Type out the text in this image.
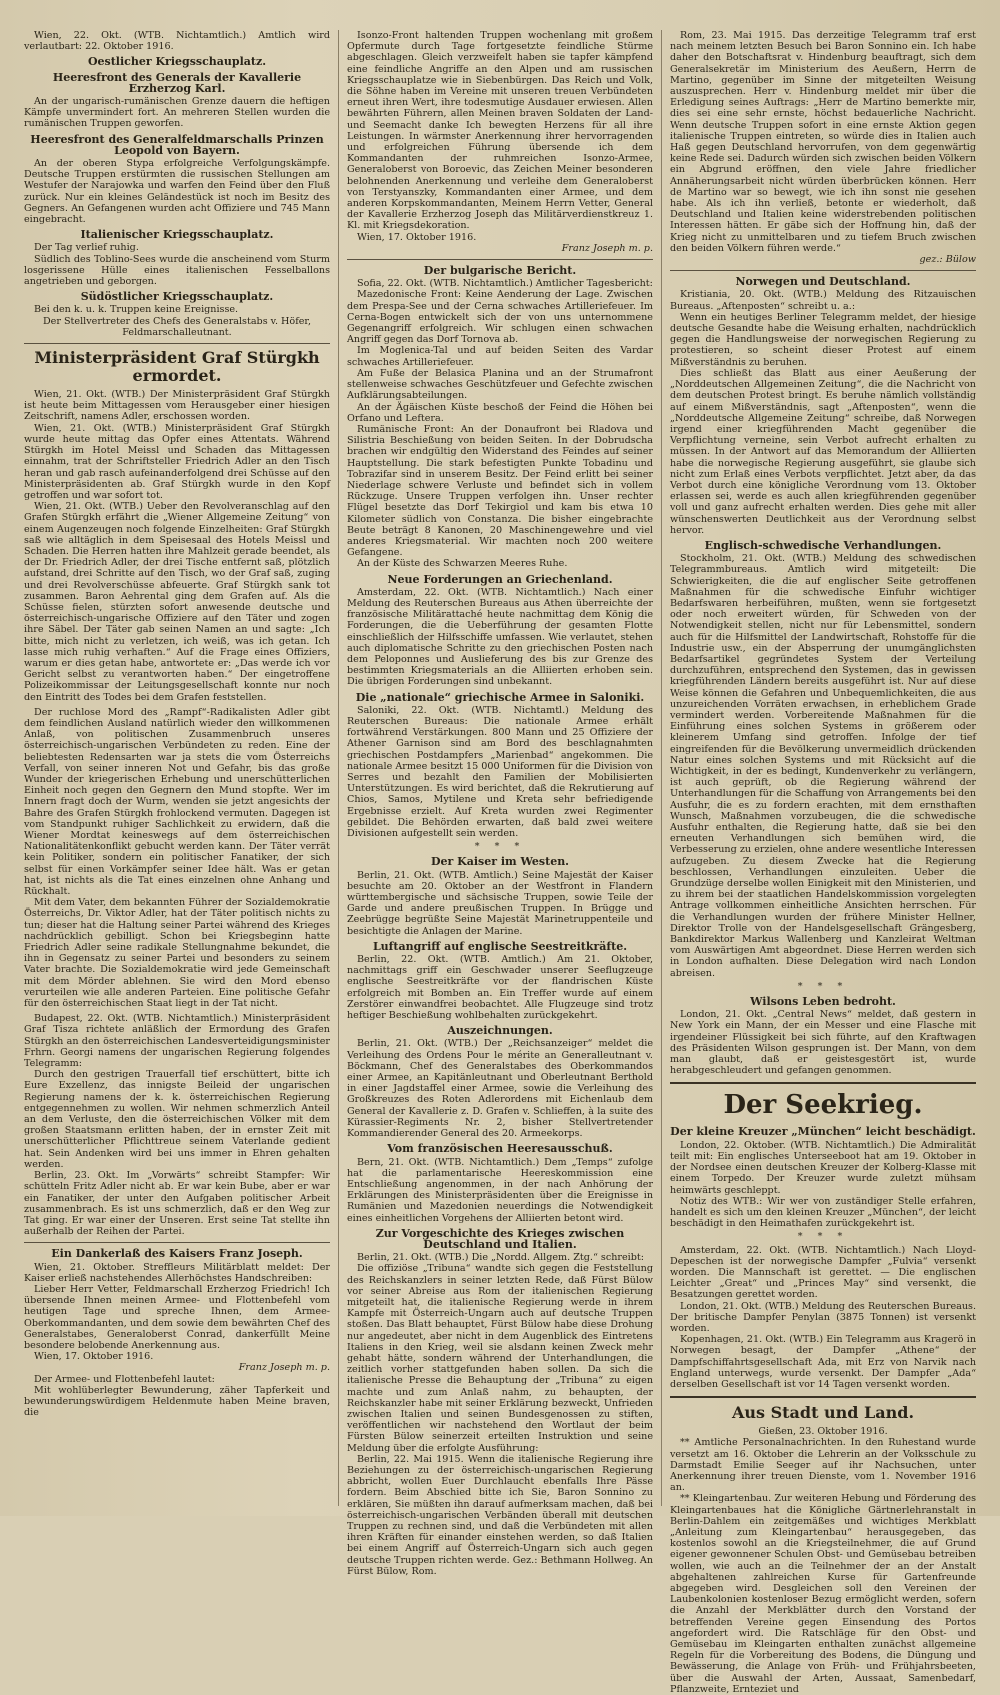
Wien, 22. Okt. (WTB. Nichtamtlich.) Amtlich wird verlautbart: 22. Oktober 1916.

Oestlicher Kriegsschauplatz.

Heeresfront des Generals der Kavallerie Erzherzog Karl.

An der ungarisch-rumänischen Grenze dauern die heftigen Kämpfe unvermindert fort. An mehreren Stellen wurden die rumänischen Truppen geworfen.

Heeresfront des Generalfeldmarschalls Prinzen Leopold von Bayern.

An der oberen Stypa erfolgreiche Verfolgungskämpfe. Deutsche Truppen erstürmten die russischen Stellungen am Westufer der Narajowka und warfen den Feind über den Fluß zurück. Nur ein kleines Geländestück ist noch im Besitz des Gegners. An Gefangenen wurden acht Offiziere und 745 Mann eingebracht.

Italienischer Kriegsschauplatz.

Der Tag verlief ruhig.

Südlich des Toblino-Sees wurde die anscheinend vom Sturm losgerissene Hülle eines italienischen Fesselballons angetrieben und geborgen.

Südöstlicher Kriegsschauplatz.

Bei den k. u. k. Truppen keine Ereignisse.

Der Stellvertreter des Chefs des Generalstabs v. Höfer, Feldmarschalleutnant.

Ministerpräsident Graf Stürgkh ermordet.

Wien, 21. Okt. (WTB.) Der Ministerpräsident Graf Stürgkh ist heute beim Mittagessen vom Herausgeber einer hiesigen Zeitschrift, namens Adler, erschossen worden.

Wien, 21. Okt. (WTB.) Ministerpräsident Graf Stürgkh wurde heute mittag das Opfer eines Attentats. Während Stürgkh im Hotel Meissl und Schaden das Mittagessen einnahm, trat der Schriftsteller Friedrich Adler an den Tisch heran und gab rasch aufeinanderfolgend drei Schüsse auf den Ministerpräsidenten ab. Graf Stürgkh wurde in den Kopf getroffen und war sofort tot.

Wien, 21. Okt. (WTB.) Ueber den Revolveranschlag auf den Grafen Stürgkh erfährt die „Wiener Allgemeine Zeitung“ von einem Augenzeugen noch folgende Einzelheiten: Graf Stürgkh saß wie alltäglich in dem Speisesaal des Hotels Meissl und Schaden. Die Herren hatten ihre Mahlzeit gerade beendet, als der Dr. Friedrich Adler, der drei Tische entfernt saß, plötzlich aufstand, drei Schritte auf den Tisch, wo der Graf saß, zuging und drei Revolverschüsse abfeuerte. Graf Stürgkh sank tot zusammen. Baron Aehrental ging dem Grafen auf. Als die Schüsse fielen, stürzten sofort anwesende deutsche und österreichisch-ungarische Offiziere auf den Täter und zogen ihre Säbel. Der Täter gab seinen Namen an und sagte: „Ich bitte, mich nicht zu verletzen, ich weiß, was ich getan. Ich lasse mich ruhig verhaften.“ Auf die Frage eines Offiziers, warum er dies getan habe, antwortete er: „Das werde ich vor Gericht selbst zu verantworten haben.“ Der eingetroffene Polizeikommissar der Leitungsgesellschaft konnte nur noch den Eintritt des Todes bei dem Grafen feststellen.

Der ruchlose Mord des „Rampf“-Radikalisten Adler gibt dem feindlichen Ausland natürlich wieder den willkommenen Anlaß, von politischen Zusammenbruch unseres österreichisch-ungarischen Verbündeten zu reden. Eine der beliebtesten Redensarten war ja stets die vom Österreichs Verfall, von seiner inneren Not und Gefahr, bis das große Wunder der kriegerischen Erhebung und unerschütterlichen Einheit noch gegen den Gegnern den Mund stopfte. Wer im Innern fragt doch der Wurm, wenden sie jetzt angesichts der Bahre des Grafen Stürgkh frohlockend vermuten. Dagegen ist vom Standpunkt ruhiger Sachlichkeit zu erwidern, daß die Wiener Mordtat keineswegs auf dem österreichischen Nationalitätenkonflikt gebucht werden kann. Der Täter verrät kein Politiker, sondern ein politischer Fanatiker, der sich selbst für einen Vorkämpfer seiner Idee hält. Was er getan hat, ist nichts als die Tat eines einzelnen ohne Anhang und Rückhalt.

Mit dem Vater, dem bekannten Führer der Sozialdemokratie Österreichs, Dr. Viktor Adler, hat der Täter politisch nichts zu tun; dieser hat die Haltung seiner Partei während des Krieges nachdrücklich gebilligt. Schon bei Kriegsbeginn hatte Friedrich Adler seine radikale Stellungnahme bekundet, die ihn in Gegensatz zu seiner Partei und besonders zu seinem Vater brachte. Die Sozialdemokratie wird jede Gemeinschaft mit dem Mörder ablehnen. Sie wird den Mord ebenso verurteilen wie alle anderen Parteien. Eine politische Gefahr für den österreichischen Staat liegt in der Tat nicht.

Budapest, 22. Okt. (WTB. Nichtamtlich.) Ministerpräsident Graf Tisza richtete anläßlich der Ermordung des Grafen Stürgkh an den österreichischen Landesverteidigungsminister Frhrn. Georgi namens der ungarischen Regierung folgendes Telegramm:

Durch den gestrigen Trauerfall tief erschüttert, bitte ich Eure Exzellenz, das innigste Beileid der ungarischen Regierung namens der k. k. österreichischen Regierung entgegennehmen zu wollen. Wir nehmen schmerzlich Anteil an dem Verluste, den die österreichischen Völker mit dem großen Staatsmann erlitten haben, der in ernster Zeit mit unerschütterlicher Pflichttreue seinem Vaterlande gedient hat. Sein Andenken wird bei uns immer in Ehren gehalten werden.

Berlin, 23. Okt. Im „Vorwärts“ schreibt Stampfer: Wir schütteln Fritz Adler nicht ab. Er war kein Bube, aber er war ein Fanatiker, der unter den Aufgaben politischer Arbeit zusammenbrach. Es ist uns schmerzlich, daß er den Weg zur Tat ging. Er war einer der Unseren. Erst seine Tat stellte ihn außerhalb der Reihen der Partei.

Ein Dankerlaß des Kaisers Franz Joseph.

Wien, 21. Oktober. Streffleurs Militärblatt meldet: Der Kaiser erließ nachstehendes Allerhöchstes Handschreiben:

Lieber Herr Vetter, Feldmarschall Erzherzog Friedrich! Ich übersende Ihnen meinen Armee- und Flottenbefehl vom heutigen Tage und spreche Ihnen, dem Armee-Oberkommandanten, und dem sowie dem bewährten Chef des Generalstabes, Generaloberst Conrad, dankerfüllt Meine besondere belobende Anerkennung aus.

Wien, 17. Oktober 1916.

Franz Joseph m. p.

Der Armee- und Flottenbefehl lautet:

Mit wohlüberlegter Bewunderung, zäher Tapferkeit und bewunderungswürdigem Heldenmute haben Meine braven, die

Isonzo-Front haltenden Truppen wochenlang mit großem Opfermute durch Tage fortgesetzte feindliche Stürme abgeschlagen. Gleich verzweifelt haben sie tapfer kämpfend eine feindliche Angriffe an den Alpen und am russischen Kriegsschauplatze wie in Siebenbürgen. Das Reich und Volk, die Söhne haben im Vereine mit unseren treuen Verbündeten erneut ihren Wert, ihre todesmutige Ausdauer erwiesen. Allen bewährten Führern, allen Meinen braven Soldaten der Land- und Seemacht danke Ich bewegten Herzens für all ihre Leistungen. In wärmster Anerkennung ihrer hervorragenden und erfolgreichen Führung übersende ich dem Kommandanten der ruhmreichen Isonzo-Armee, Generaloberst von Boroevic, das Zeichen Meiner besonderen belohnenden Anerkennung und verleihe dem Generaloberst von Terstyanszky, Kommandanten einer Armee, und dem anderen Korpskommandanten, Meinem Herrn Vetter, General der Kavallerie Erzherzog Joseph das Militärverdienstkreuz 1. Kl. mit Kriegsdekoration.

Wien, 17. Oktober 1916.

Franz Joseph m. p.

Der bulgarische Bericht.

Sofia, 22. Okt. (WTB. Nichtamtlich.) Amtlicher Tagesbericht:

Mazedonische Front: Keine Aenderung der Lage. Zwischen dem Prespa-See und der Cerna schwaches Artilleriefeuer. Im Cerna-Bogen entwickelt sich der von uns unternommene Gegenangriff erfolgreich. Wir schlugen einen schwachen Angriff gegen das Dorf Tornova ab.

Im Moglenica-Tal und auf beiden Seiten des Vardar schwaches Artilleriefeuer.

Am Fuße der Belasica Planina und an der Strumafront stellenweise schwaches Geschützfeuer und Gefechte zwischen Aufklärungsabteilungen.

An der Ägäischen Küste beschoß der Feind die Höhen bei Orfano und Leftera.

Rumänische Front: An der Donaufront bei Rladova und Silistria Beschießung von beiden Seiten. In der Dobrudscha brachen wir endgültig den Widerstand des Feindes auf seiner Hauptstellung. Die stark befestigten Punkte Tobadinu und Tobrazifar sind in unserem Besitz. Der Feind erlitt bei seiner Niederlage schwere Verluste und befindet sich in vollem Rückzuge. Unsere Truppen verfolgen ihn. Unser rechter Flügel besetzte das Dorf Tekirgiol und kam bis etwa 10 Kilometer südlich von Constanza. Die bisher eingebrachte Beute beträgt 8 Kanonen, 20 Maschinengewehre und viel anderes Kriegsmaterial. Wir machten noch 200 weitere Gefangene.

An der Küste des Schwarzen Meeres Ruhe.

Neue Forderungen an Griechenland.

Amsterdam, 22. Okt. (WTB. Nichtamtlich.) Nach einer Meldung des Reuterschen Bureaus aus Athen überreichte der französische Militärattaché heute nachmittag dem König die Forderungen, die die Ueberführung der gesamten Flotte einschließlich der Hilfsschiffe umfassen. Wie verlautet, stehen auch diplomatische Schritte zu den griechischen Posten nach dem Peloponnes und Auslieferung des bis zur Grenze des bestimmten Kriegsmaterials an die Alliierten erhoben sein. Die übrigen Forderungen sind unbekannt.

Die „nationale“ griechische Armee in Saloniki.

Saloniki, 22. Okt. (WTB. Nichtamtl.) Meldung des Reuterschen Bureaus: Die nationale Armee erhält fortwährend Verstärkungen. 800 Mann und 25 Offiziere der Athener Garnison sind am Bord des beschlagnahmten griechischen Postdampfers „Marienbad“ angekommen. Die nationale Armee besitzt 15 000 Uniformen für die Division von Serres und bezahlt den Familien der Mobilisierten Unterstützungen. Es wird berichtet, daß die Rekrutierung auf Chios, Samos, Mytilene und Kreta sehr befriedigende Ergebnisse erzielt. Auf Kreta wurden zwei Regimenter gebildet. Die Behörden erwarten, daß bald zwei weitere Divisionen aufgestellt sein werden.

* * *

Der Kaiser im Westen.

Berlin, 21. Okt. (WTB. Amtlich.) Seine Majestät der Kaiser besuchte am 20. Oktober an der Westfront in Flandern württembergische und sächsische Truppen, sowie Teile der Garde und andere preußischen Truppen. In Brügge und Zeebrügge begrüßte Seine Majestät Marinetruppenteile und besichtigte die Anlagen der Marine.

Luftangriff auf englische Seestreitkräfte.

Berlin, 22. Okt. (WTB. Amtlich.) Am 21. Oktober, nachmittags griff ein Geschwader unserer Seeflugzeuge englische Seestreitkräfte vor der flandrischen Küste erfolgreich mit Bomben an. Ein Treffer wurde auf einem Zerstörer einwandfrei beobachtet. Alle Flugzeuge sind trotz heftiger Beschießung wohlbehalten zurückgekehrt.

Auszeichnungen.

Berlin, 21. Okt. (WTB.) Der „Reichsanzeiger“ meldet die Verleihung des Ordens Pour le mérite an Generalleutnant v. Böckmann, Chef des Generalstabes des Oberkommandos einer Armee, an Kapitänleutnant und Oberleutnant Berthold in einer Jagdstaffel einer Armee, sowie die Verleihung des Großkreuzes des Roten Adlerordens mit Eichenlaub dem General der Kavallerie z. D. Grafen v. Schlieffen, à la suite des Kürassier-Regiments Nr. 2, bisher Stellvertretender Kommandierender General des 20. Armeekorps.

Vom französischen Heeresausschuß.

Bern, 21. Okt. (WTB. Nichtamtlich.) Dem „Temps“ zufolge hat die parlamentarische Heereskommission eine Entschließung angenommen, in der nach Anhörung der Erklärungen des Ministerpräsidenten über die Ereignisse in Rumänien und Mazedonien neuerdings die Notwendigkeit eines einheitlichen Vorgehens der Alliierten betont wird.

Zur Vorgeschichte des Krieges zwischen Deutschland und Italien.

Berlin, 21. Okt. (WTB.) Die „Nordd. Allgem. Ztg.“ schreibt:

Die offiziöse „Tribuna“ wandte sich gegen die Feststellung des Reichskanzlers in seiner letzten Rede, daß Fürst Bülow vor seiner Abreise aus Rom der italienischen Regierung mitgeteilt hat, die italienische Regierung werde in ihrem Kampfe mit Österreich-Ungarn auch auf deutsche Truppen stoßen. Das Blatt behauptet, Fürst Bülow habe diese Drohung nur angedeutet, aber nicht in dem Augenblick des Eintretens Italiens in den Krieg, weil sie alsdann keinen Zweck mehr gehabt hätte, sondern während der Unterhandlungen, die zeitlich vorher stattgefunden haben sollen. Da sich die italienische Presse die Behauptung der „Tribuna“ zu eigen machte und zum Anlaß nahm, zu behaupten, der Reichskanzler habe mit seiner Erklärung bezweckt, Unfrieden zwischen Italien und seinen Bundesgenossen zu stiften, veröffentlichen wir nachstehend den Wortlaut der beim Fürsten Bülow seinerzeit erteilten Instruktion und seine Meldung über die erfolgte Ausführung:

Berlin, 22. Mai 1915. Wenn die italienische Regierung ihre Beziehungen zu der österreichisch-ungarischen Regierung abbricht, wollen Euer Durchlaucht ebenfalls Ihre Pässe fordern. Beim Abschied bitte ich Sie, Baron Sonnino zu erklären, Sie müßten ihn darauf aufmerksam machen, daß bei österreichisch-ungarischen Verbänden überall mit deutschen Truppen zu rechnen sind, und daß die Verbündeten mit allen ihren Kräften für einander einstehen werden, so daß Italien bei einem Angriff auf Österreich-Ungarn sich auch gegen deutsche Truppen richten werde. Gez.: Bethmann Hollweg. An Fürst Bülow, Rom.

Rom, 23. Mai 1915. Das derzeitige Telegramm traf erst nach meinem letzten Besuch bei Baron Sonnino ein. Ich habe daher den Botschaftsrat v. Hindenburg beauftragt, sich dem Generalsekretär im Ministerium des Aeußern, Herrn de Martino, gegenüber im Sinne der mitgeteilten Weisung auszusprechen. Herr v. Hindenburg meldet mir über die Erledigung seines Auftrags: „Herr de Martino bemerkte mir, dies sei eine sehr ernste, höchst bedauerliche Nachricht. Wenn deutsche Truppen sofort in eine ernste Aktion gegen italienische Truppen eintreten, so würde dies in Italien auch Haß gegen Deutschland hervorrufen, von dem gegenwärtig keine Rede sei. Dadurch würden sich zwischen beiden Völkern ein Abgrund eröffnen, den viele Jahre friedlicher Annäherungsarbeit nicht würden überbrücken können. Herr de Martino war so bewegt, wie ich ihn sonst nie gesehen habe. Als ich ihn verließ, betonte er wiederholt, daß Deutschland und Italien keine widerstrebenden politischen Interessen hätten. Er gäbe sich der Hoffnung hin, daß der Krieg nicht zu unmittelbaren und zu tiefem Bruch zwischen den beiden Völkern führen werde.“

gez.: Bülow

Norwegen und Deutschland.

Kristiania, 20. Okt. (WTB.) Meldung des Ritzauischen Bureaus. „Aftenposten“ schreibt u. a.:

Wenn ein heutiges Berliner Telegramm meldet, der hiesige deutsche Gesandte habe die Weisung erhalten, nachdrücklich gegen die Handlungsweise der norwegischen Regierung zu protestieren, so scheint dieser Protest auf einem Mißverständnis zu beruhen.

Dies schließt das Blatt aus einer Aeußerung der „Norddeutschen Allgemeinen Zeitung“, die die Nachricht von dem deutschen Protest bringt. Es beruhe nämlich vollständig auf einem Mißverständnis, sagt „Aftenposten“, wenn die „Norddeutsche Allgemeine Zeitung“ schreibe, daß Norwegen irgend einer kriegführenden Macht gegenüber die Verpflichtung verneine, sein Verbot aufrecht erhalten zu müssen. In der Antwort auf das Memorandum der Alliierten habe die norwegische Regierung ausgeführt, sie glaube sich nicht zum Erlaß eines Verbots verpflichtet. Jetzt aber, da das Verbot durch eine königliche Verordnung vom 13. Oktober erlassen sei, werde es auch allen kriegführenden gegenüber voll und ganz aufrecht erhalten werden. Dies gehe mit aller wünschenswerten Deutlichkeit aus der Verordnung selbst hervor.

Englisch-schwedische Verhandlungen.

Stockholm, 21. Okt. (WTB.) Meldung des schwedischen Telegrammbureaus. Amtlich wird mitgeteilt: Die Schwierigkeiten, die die auf englischer Seite getroffenen Maßnahmen für die schwedische Einfuhr wichtiger Bedarfswaren herbeiführen, mußten, wenn sie fortgesetzt oder noch erweitert würden, für Schweden von der Notwendigkeit stellen, nicht nur für Lebensmittel, sondern auch für die Hilfsmittel der Landwirtschaft, Rohstoffe für die Industrie usw., ein der Absperrung der unumgänglichsten Bedarfsartikel gegründetes System der Verteilung durchzuführen, entsprechend den Systemen, das in gewissen kriegführenden Ländern bereits ausgeführt ist. Nur auf diese Weise können die Gefahren und Unbequemlichkeiten, die aus unzureichenden Vorräten erwachsen, in erheblichem Grade vermindert werden. Vorbereitende Maßnahmen für die Einführung eines solchen Systems in größerem oder kleinerem Umfang sind getroffen. Infolge der tief eingreifenden für die Bevölkerung unvermeidlich drückenden Natur eines solchen Systems und mit Rücksicht auf die Wichtigkeit, in der es bedingt, Kundenverkehr zu verlängern, ist auch geprüft, ob die Regierung während der Unterhandlungen für die Schaffung von Arrangements bei den Ausfuhr, die es zu fordern erachten, mit dem ernsthaften Wunsch, Maßnahmen vorzubeugen, die die schwedische Ausfuhr enthalten, die Regierung hatte, daß sie bei den erneuten Verhandlungen sich bemühen wird, die Verbesserung zu erzielen, ohne andere wesentliche Interessen aufzugeben. Zu diesem Zwecke hat die Regierung beschlossen, Verhandlungen einzuleiten. Ueber die Grundzüge derselbe wollen Einigkeit mit den Ministerien, und zu ihrem bei der staatlichen Handelskommission vorgelegten Antrage vollkommen einheitliche Ansichten herrschen. Für die Verhandlungen wurden der frühere Minister Hellner, Direktor Trolle von der Handelsgesellschaft Grängesberg, Bankdirektor Markus Wallenberg und Kanzleirat Weltman vom Auswärtigen Amt abgeordnet. Diese Herren werden sich in London aufhalten. Diese Delegation wird nach London abreisen.

* * *

Wilsons Leben bedroht.

London, 21. Okt. „Central News“ meldet, daß gestern in New York ein Mann, der ein Messer und eine Flasche mit irgendeiner Flüssigkeit bei sich führte, auf den Kraftwagen des Präsidenten Wilson gesprungen ist. Der Mann, von dem man glaubt, daß er geistesgestört ist, wurde herabgeschleudert und gefangen genommen.

Der Seekrieg.

Der kleine Kreuzer „München“ leicht beschädigt.

London, 22. Oktober. (WTB. Nichtamtlich.) Die Admiralität teilt mit: Ein englisches Unterseeboot hat am 19. Oktober in der Nordsee einen deutschen Kreuzer der Kolberg-Klasse mit einem Torpedo. Der Kreuzer wurde zuletzt mühsam heimwärts geschleppt.

Notiz des WTB.: Wir wer von zuständiger Stelle erfahren, handelt es sich um den kleinen Kreuzer „München“, der leicht beschädigt in den Heimathafen zurückgekehrt ist.

* * *

Amsterdam, 22. Okt. (WTB. Nichtamtlich.) Nach Lloyd-Depeschen ist der norwegische Dampfer „Fulvia“ versenkt worden. Die Mannschaft ist gerettet. — Die englischen Leichter „Great“ und „Princes May“ sind versenkt, die Besatzungen gerettet worden.

London, 21. Okt. (WTB.) Meldung des Reuterschen Bureaus. Der britische Dampfer Penylan (3875 Tonnen) ist versenkt worden.

Kopenhagen, 21. Okt. (WTB.) Ein Telegramm aus Kragerö in Norwegen besagt, der Dampfer „Athene“ der Dampfschiffahrtsgesellschaft Ada, mit Erz von Narvik nach England unterwegs, wurde versenkt. Der Dampfer „Ada“ derselben Gesellschaft ist vor 14 Tagen versenkt worden.

Aus Stadt und Land.

Gießen, 23. Oktober 1916.

** Amtliche Personalnachrichten. In den Ruhestand wurde versetzt am 16. Oktober die Lehrerin an der Volksschule zu Darmstadt Emilie Seeger auf ihr Nachsuchen, unter Anerkennung ihrer treuen Dienste, vom 1. November 1916 an.

** Kleingartenbau. Zur weiteren Hebung und Förderung des Kleingartenbaues hat die Königliche Gärtnerlehranstalt in Berlin-Dahlem ein zeitgemäßes und wichtiges Merkblatt „Anleitung zum Kleingartenbau“ herausgegeben, das kostenlos sowohl an die Kriegsteilnehmer, die auf Grund eigener gewonnener Schulen Obst- und Gemüsebau betreiben wollen, wie auch an die Teilnehmer der an der Anstalt abgehaltenen zahlreichen Kurse für Gartenfreunde abgegeben wird. Desgleichen soll den Vereinen der Laubenkolonien kostenloser Bezug ermöglicht werden, sofern die Anzahl der Merkblätter durch den Vorstand der betreffenden Vereine gegen Einsendung des Portos angefordert wird. Die Ratschläge für den Obst- und Gemüsebau im Kleingarten enthalten zunächst allgemeine Regeln für die Vorbereitung des Bodens, die Düngung und Bewässerung, die Anlage von Früh- und Frühjahrsbeeten, über die Auswahl der Arten, Aussaat, Samenbedarf, Pflanzweite, Ernteziet und
